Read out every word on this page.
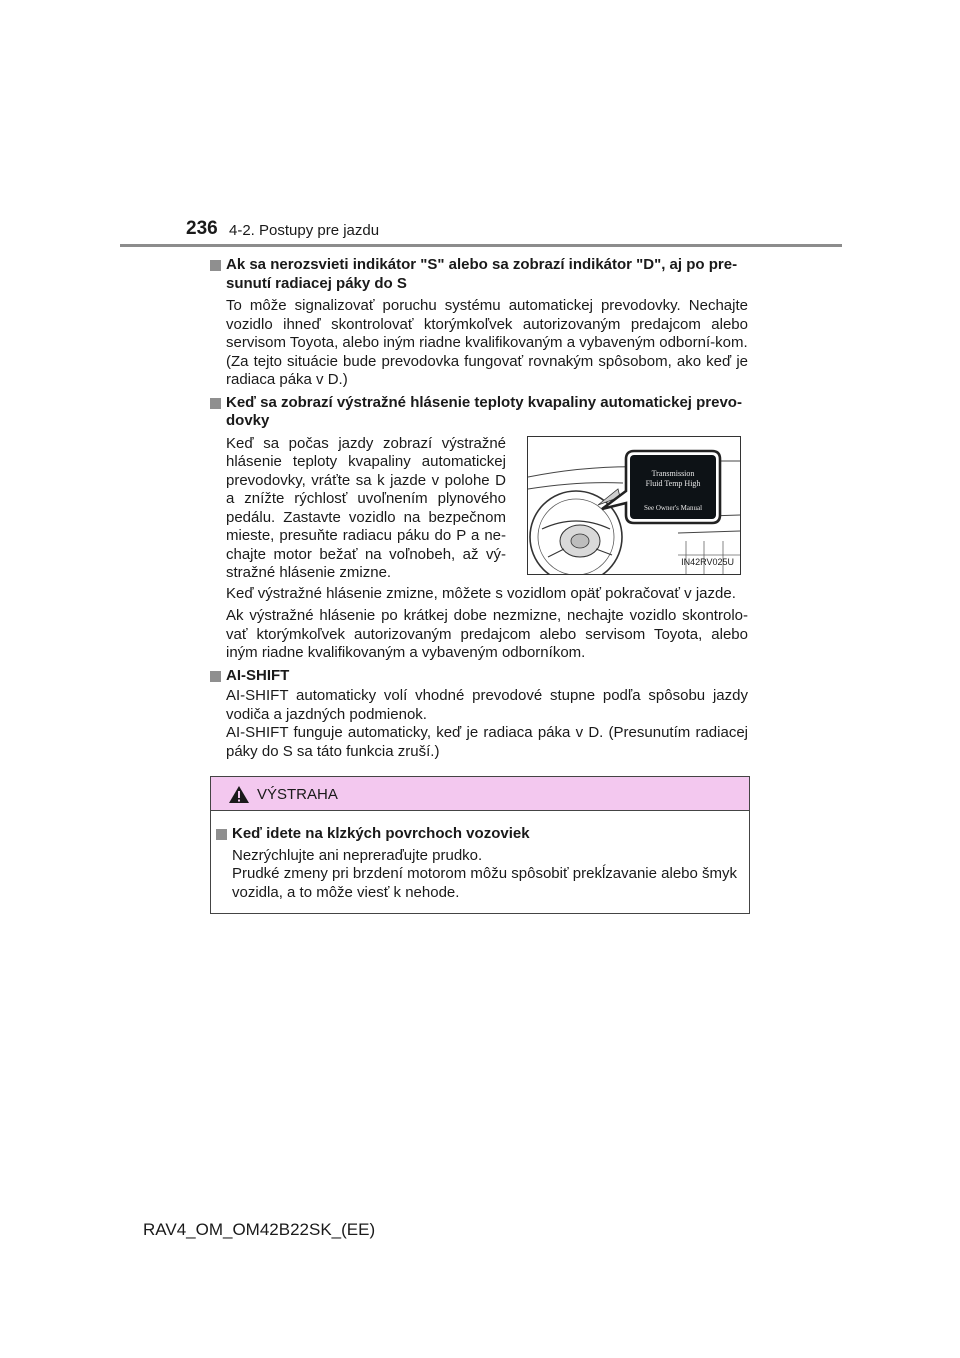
236 4-2. Postupy pre jazdu
Ak sa nerozsvieti indikátor "S" alebo sa zobrazí indikátor "D", aj po pre-sunutí radiacej páky do S
To môže signalizovať poruchu systému automatickej prevodovky. Nechajte vozidlo ihneď skontrolovať ktorýmkoľvek autorizovaným predajcom alebo servisom Toyota, alebo iným riadne kvalifikovaným a vybaveným odborní-kom.
(Za tejto situácie bude prevodovka fungovať rovnakým spôsobom, ako keď je radiaca páka v D.)
Keď sa zobrazí výstražné hlásenie teploty kvapaliny automatickej prevo-dovky
Keď sa počas jazdy zobrazí výstražné hlásenie teploty kvapaliny automatickej prevodovky, vráťte sa k jazde v polohe D a znížte rýchlosť uvoľnením plynového pedálu. Zastavte vozidlo na bezpečnom mieste, presuňte radiacu páku do P a ne-chajte motor bežať na voľnobeh, až vý-stražné hlásenie zmizne.
Transmission
Fluid Temp High
See Owner's Manual
IN42RV025U
Keď výstražné hlásenie zmizne, môžete s vozidlom opäť pokračovať v jazde.
Ak výstražné hlásenie po krátkej dobe nezmizne, nechajte vozidlo skontrolo-vať ktorýmkoľvek autorizovaným predajcom alebo servisom Toyota, alebo iným riadne kvalifikovaným a vybaveným odborníkom.
AI-SHIFT
AI-SHIFT automaticky volí vhodné prevodové stupne podľa spôsobu jazdy vodiča a jazdných podmienok.
AI-SHIFT funguje automaticky, keď je radiaca páka v D. (Presunutím radiacej páky do S sa táto funkcia zruší.)
VÝSTRAHA
Keď idete na klzkých povrchoch vozoviek
Nezrýchlujte ani nepreraďujte prudko.
Prudké zmeny pri brzdení motorom môžu spôsobiť prekĺzavanie alebo šmyk vozidla, a to môže viesť k nehode.
RAV4_OM_OM42B22SK_(EE)
